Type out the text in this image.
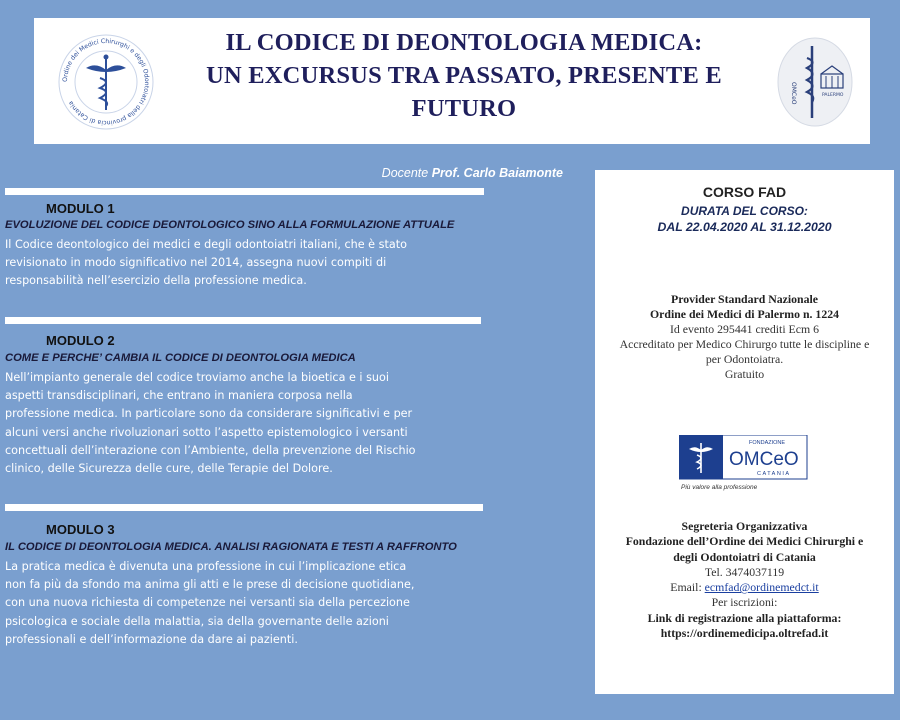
Ordine dei Medici Chirurghi e degli Odontoiatri della provincia di Catania
IL CODICE DI DEONTOLOGIA MEDICA:
UN EXCURSUS TRA PASSATO, PRESENTE E
FUTURO
OMCeO	PALERMO
Docente Prof. Carlo Baiamonte
MODULO 1
EVOLUZIONE DEL CODICE DEONTOLOGICO SINO ALLA FORMULAZIONE ATTUALE
Il Codice deontologico dei medici e degli odontoiatri italiani, che è stato
revisionato in modo significativo nel 2014, assegna nuovi compiti di
responsabilità nell’esercizio della professione medica.
MODULO 2
COME E PERCHE’ CAMBIA IL CODICE DI DEONTOLOGIA MEDICA
Nell’impianto generale del codice troviamo anche la bioetica e i suoi
aspetti transdisciplinari, che entrano in maniera corposa nella
professione medica. In particolare sono da considerare significativi e per
alcuni versi anche rivoluzionari sotto l’aspetto epistemologico i versanti
concettuali dell’interazione con l’Ambiente, della prevenzione del Rischio
clinico, delle Sicurezza delle cure, delle Terapie del Dolore.
MODULO 3
IL CODICE DI DEONTOLOGIA MEDICA. ANALISI RAGIONATA E TESTI A RAFFRONTO
La pratica medica è divenuta una professione in cui l’implicazione etica
non fa più da sfondo ma anima gli atti e le prese di decisione quotidiane,
con una nuova richiesta di competenze nei versanti sia della percezione
psicologica e sociale della malattia, sia della governante delle azioni
professionali e dell’informazione da dare ai pazienti.
CORSO FAD
DURATA DEL CORSO:
DAL 22.04.2020 AL 31.12.2020
Provider Standard Nazionale
Ordine dei Medici di Palermo n. 1224
Id evento 295441 crediti Ecm 6
Accreditato per Medico Chirurgo tutte le discipline e
per Odontoiatra.
Gratuito
FONDAZIONE
OMCeO
CATANIA
Più valore alla professione
Segreteria Organizzativa
Fondazione dell’Ordine dei Medici Chirurghi e
degli Odontoiatri di Catania
Tel. 3474037119
Email: ecmfad@ordinemedct.it
Per iscrizioni:
Link di registrazione alla piattaforma:
https://ordinemedicipa.oltrefad.it
